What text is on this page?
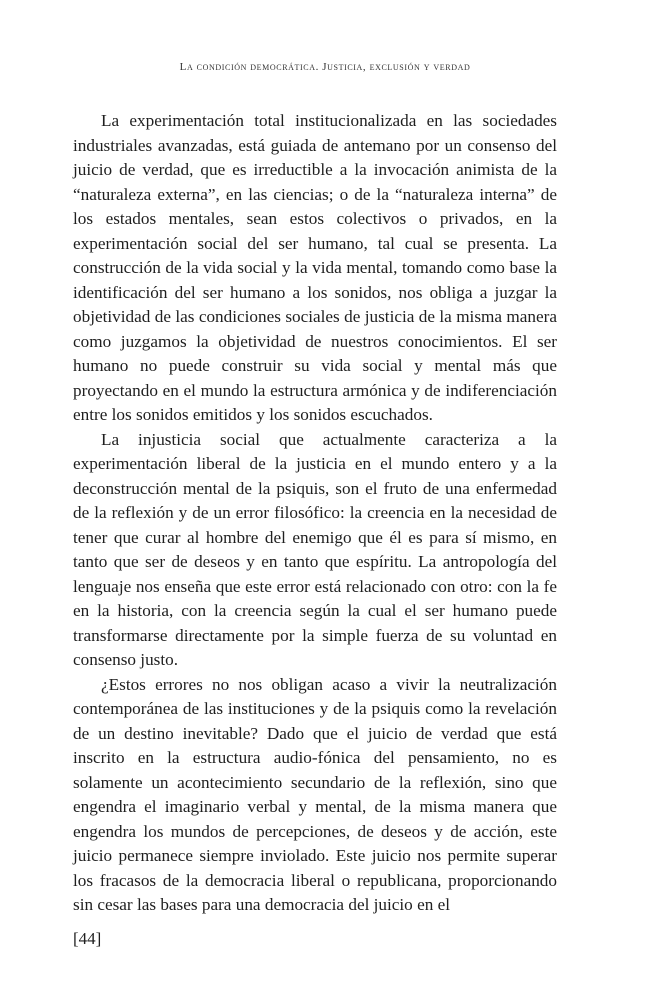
La condición democrática. Justicia, exclusión y verdad

La experimentación total institucionalizada en las sociedades industriales avanzadas, está guiada de antemano por un consenso del juicio de verdad, que es irreductible a la invocación animista de la “naturaleza externa”, en las ciencias; o de la “naturaleza interna” de los estados mentales, sean estos colectivos o privados, en la experimentación social del ser humano, tal cual se presenta. La construcción de la vida social y la vida mental, tomando como base la identificación del ser humano a los sonidos, nos obliga a juzgar la objetividad de las condiciones sociales de justicia de la misma manera como juzgamos la objetividad de nuestros conocimientos. El ser humano no puede construir su vida social y mental más que proyectando en el mundo la estructura armónica y de indiferenciación entre los sonidos emitidos y los sonidos escuchados.

La injusticia social que actualmente caracteriza a la experimentación liberal de la justicia en el mundo entero y a la deconstrucción mental de la psiquis, son el fruto de una enfermedad de la reflexión y de un error filosófico: la creencia en la necesidad de tener que curar al hombre del enemigo que él es para sí mismo, en tanto que ser de deseos y en tanto que espíritu. La antropología del lenguaje nos enseña que este error está relacionado con otro: con la fe en la historia, con la creencia según la cual el ser humano puede transformarse directamente por la simple fuerza de su voluntad en consenso justo.

¿Estos errores no nos obligan acaso a vivir la neutralización contemporánea de las instituciones y de la psiquis como la revelación de un destino inevitable? Dado que el juicio de verdad que está inscrito en la estructura audio-fónica del pensamiento, no es solamente un acontecimiento secundario de la reflexión, sino que engendra el imaginario verbal y mental, de la misma manera que engendra los mundos de percepciones, de deseos y de acción, este juicio permanece siempre inviolado. Este juicio nos permite superar los fracasos de la democracia liberal o republicana, proporcionando sin cesar las bases para una democracia del juicio en el

[44]
